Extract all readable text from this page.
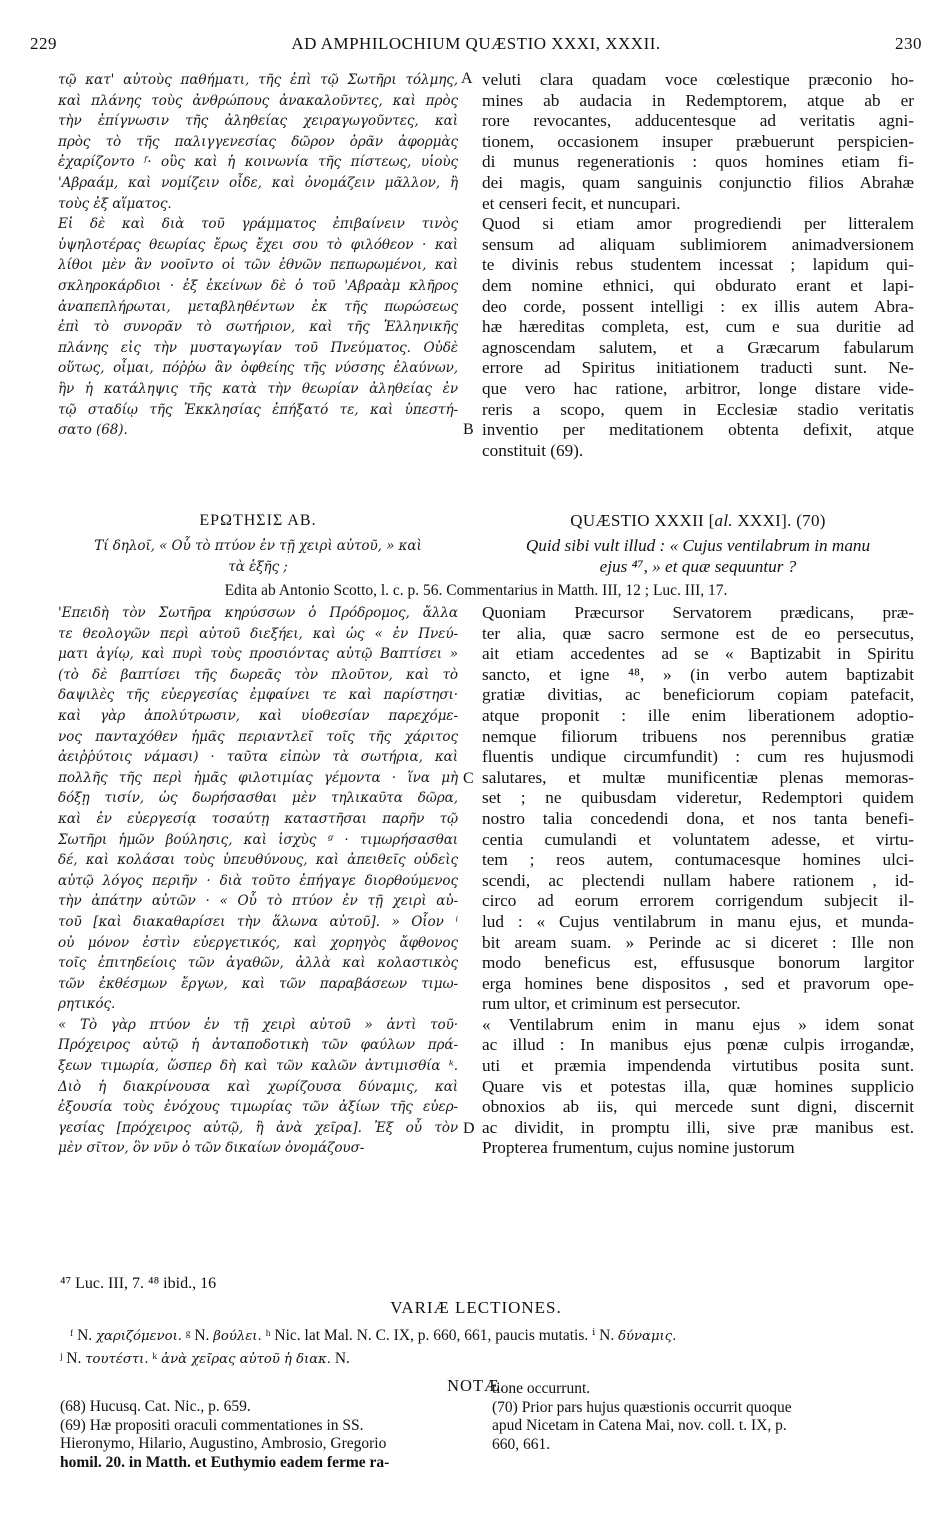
229	AD AMPHILOCHIUM QUÆSTIO XXXI, XXXII.	230
τῷ κατ' αὐτοὺς παθήματι, τῆς ἐπὶ τῷ Σωτῆρι τόλμης,
καὶ πλάνης τοὺς ἀνθρώπους ἀνακαλοῦντες, καὶ πρὸς
τὴν ἐπίγνωσιν τῆς ἀληθείας χειραγωγοῦντες, καὶ
πρὸς τὸ τῆς παλιγγενεσίας δῶρον ὁρᾶν ἀφορμὰς
ἐχαρίζοντο ᶠ· οὓς καὶ ἡ κοινωνία τῆς πίστεως, υἱοὺς
'Αβραάμ, καὶ νομίζειν οἶδε, καὶ ὀνομάζειν μᾶλλον, ἢ
τοὺς ἐξ αἵματος.
Εἰ δὲ καὶ διὰ τοῦ γράμματος ἐπιβαίνειν τινὸς
ὑψηλοτέρας θεωρίας ἔρως ἔχει σου τὸ φιλόθεον · καὶ
λίθοι μὲν ἂν νοοῖντο οἱ τῶν ἐθνῶν πεπωρωμένοι, καὶ
σκληροκάρδιοι · ἐξ ἐκείνων δὲ ὁ τοῦ 'Αβραὰμ κλῆρος
ἀναπεπλήρωται, μεταβληθέντων ἐκ τῆς πωρώσεως
ἐπὶ τὸ συνορᾶν τὸ σωτήριον, καὶ τῆς Ἑλληνικῆς
πλάνης εἰς τὴν μυσταγωγίαν τοῦ Πνεύματος. Οὐδὲ
οὕτως, οἶμαι, πόῤῥω ἂν ὀφθείης τῆς νύσσης ἐλαύνων,
ἣν ἡ κατάληψις τῆς κατὰ τὴν θεωρίαν ἀληθείας ἐν
τῷ σταδίῳ τῆς Ἐκκλησίας ἐπήξατό τε, καὶ ὑπεστή-
σατο (68).
veluti clara quadam voce cœlestique præconio ho-
mines ab audacia in Redemptorem, atque ab er
rore revocantes, adducentesque ad veritatis agni-
tionem, occasionem insuper præbuerunt perspicien-
di munus regenerationis : quos homines etiam fi-
dei magis, quam sanguinis conjunctio filios Abrahæ
et censeri fecit, et nuncupari.
Quod si etiam amor progrediendi per litteralem
sensum ad aliquam sublimiorem animadversionem
te divinis rebus studentem incessat ; lapidum qui-
dem nomine ethnici, qui obdurato erant et lapi-
deo corde, possent intelligi : ex illis autem Abra-
hæ hæreditas completa, est, cum e sua duritie ad
agnoscendam salutem, et a Græcarum fabularum
errore ad Spiritus initiationem traducti sunt. Ne-
que vero hac ratione, arbitror, longe distare vide-
reris a scopo, quem in Ecclesiæ stadio veritatis
inventio per meditationem obtenta defixit, atque
constituit (69).
A
B
C
D
ΕΡΩΤΗΣΙΣ ΑΒ.
Τί δηλοῖ, « Οὗ τὸ πτύον ἐν τῇ χειρὶ αὐτοῦ, » καὶ
τὰ ἑξῆς ;
QUÆSTIO XXXII [al. XXXI]. (70)
Quid sibi vult illud : « Cujus ventilabrum in manu
ejus ⁴⁷, » et quæ sequuntur ?
Edita ab Antonio Scotto, l. c. p. 56. Commentarius in Matth. III, 12 ; Luc. III, 17.
'Επειδὴ τὸν Σωτῆρα κηρύσσων ὁ Πρόδρομος, ἄλλα
τε θεολογῶν περὶ αὐτοῦ διεξήει, καὶ ὡς « ἐν Πνεύ-
ματι ἁγίῳ, καὶ πυρὶ τοὺς προσιόντας αὐτῷ Βαπτίσει »
(τὸ δὲ βαπτίσει τῆς δωρεᾶς τὸν πλοῦτον, καὶ τὸ
δαψιλὲς τῆς εὐεργεσίας ἐμφαίνει τε καὶ παρίστησι·
καὶ γὰρ ἀπολύτρωσιν, καὶ υἱοθεσίαν παρεχόμε-
νος πανταχόθεν ἡμᾶς περιαντλεῖ τοῖς τῆς χάριτος
ἀειῤῥύτοις νάμασι) · ταῦτα εἰπὼν τὰ σωτήρια, καὶ
πολλῆς τῆς περὶ ἡμᾶς φιλοτιμίας γέμοντα · ἵνα μὴ
δόξῃ τισίν, ὡς δωρήσασθαι μὲν τηλικαῦτα δῶρα,
καὶ ἐν εὐεργεσίᾳ τοσαύτῃ καταστῆσαι παρῆν τῷ
Σωτῆρι ἡμῶν βούλησις, καὶ ἰσχὺς ᵍ · τιμωρήσασθαι
δέ, καὶ κολάσαι τοὺς ὑπευθύνους, καὶ ἀπειθεῖς οὐδεὶς
αὐτῷ λόγος περιῆν · διὰ τοῦτο ἐπήγαγε διορθούμενος
τὴν ἀπάτην αὐτῶν · « Οὗ τὸ πτύον ἐν τῇ χειρὶ αὐ-
τοῦ [καὶ διακαθαρίσει τὴν ἅλωνα αὐτοῦ]. » Οἷον ⁱ
οὐ μόνον ἐστὶν εὐεργετικός, καὶ χορηγὸς ἄφθονος
τοῖς ἐπιτηδείοις τῶν ἀγαθῶν, ἀλλὰ καὶ κολαστικὸς
τῶν ἐκθέσμων ἔργων, καὶ τῶν παραβάσεων τιμω-
ρητικός.
« Τὸ γὰρ πτύον ἐν τῇ χειρὶ αὐτοῦ » ἀντὶ τοῦ·
Πρόχειρος αὐτῷ ἡ ἀνταποδοτικὴ τῶν φαύλων πρά-
ξεων τιμωρία, ὥσπερ δὴ καὶ τῶν καλῶν ἀντιμισθία ᵏ.
Διὸ ἡ διακρίνουσα καὶ χωρίζουσα δύναμις, καὶ
ἐξουσία τοὺς ἐνόχους τιμωρίας τῶν ἀξίων τῆς εὐερ-
γεσίας [πρόχειρος αὐτῷ, ἢ ἀνὰ χεῖρα]. Ἐξ οὗ τὸν
μὲν σῖτον, ὃν νῦν ὁ τῶν δικαίων ὀνομάζουσ-
Quoniam Præcursor Servatorem prædicans, præ-
ter alia, quæ sacro sermone est de eo persecutus,
ait etiam accedentes ad se « Baptizabit in Spiritu
sancto, et igne ⁴⁸, » (in verbo autem baptizabit
gratiæ divitias, ac beneficiorum copiam patefacit,
atque proponit : ille enim liberationem adoptio-
nemque filiorum tribuens nos perennibus gratiæ
fluentis undique circumfundit) : cum res hujusmodi
salutares, et multæ munificentiæ plenas memoras-
set ; ne quibusdam videretur, Redemptori quidem
nostro talia concedendi dona, et nos tanta benefi-
centia cumulandi et voluntatem adesse, et virtu-
tem ; reos autem, contumacesque homines ulci-
scendi, ac plectendi nullam habere rationem , id-
circo ad eorum errorem corrigendum subjecit il-
lud : « Cujus ventilabrum in manu ejus, et munda-
bit aream suam. » Perinde ac si diceret : Ille non
modo beneficus est, effususque bonorum largitor
erga homines bene dispositos , sed et pravorum ope-
rum ultor, et criminum est persecutor.
« Ventilabrum enim in manu ejus » idem sonat
ac illud : In manibus ejus pœnæ culpis irrogandæ,
uti et præmia impendenda virtutibus posita sunt.
Quare vis et potestas illa, quæ homines supplicio
obnoxios ab iis, qui mercede sunt digni, discernit
ac dividit, in promptu illi, sive præ manibus est.
Propterea frumentum, cujus nomine justorum
⁴⁷ Luc. III, 7. ⁴⁸ ibid., 16
VARIÆ LECTIONES.
ᶠ N. χαριζόμενοι. ᵍ N. βούλει. ʰ Nic. lat Mal. N. C. IX, p. 660, 661, paucis mutatis. ⁱ N. δύναμις.
ʲ N. τουτέστι. ᵏ ἀνὰ χεῖρας αὐτοῦ ἡ διακ. N.
NOTÆ.
(68) Hucusq. Cat. Nic., p. 659.
(69) Hæ propositi oraculi commentationes in SS.
Hieronymo, Hilario, Augustino, Ambrosio, Gregorio
homil. 20. in Matth. et Euthymio eadem ferme ra-
tione occurrunt.
(70) Prior pars hujus quæstionis occurrit quoque
apud Nicetam in Catena Mai, nov. coll. t. IX, p.
660, 661.
